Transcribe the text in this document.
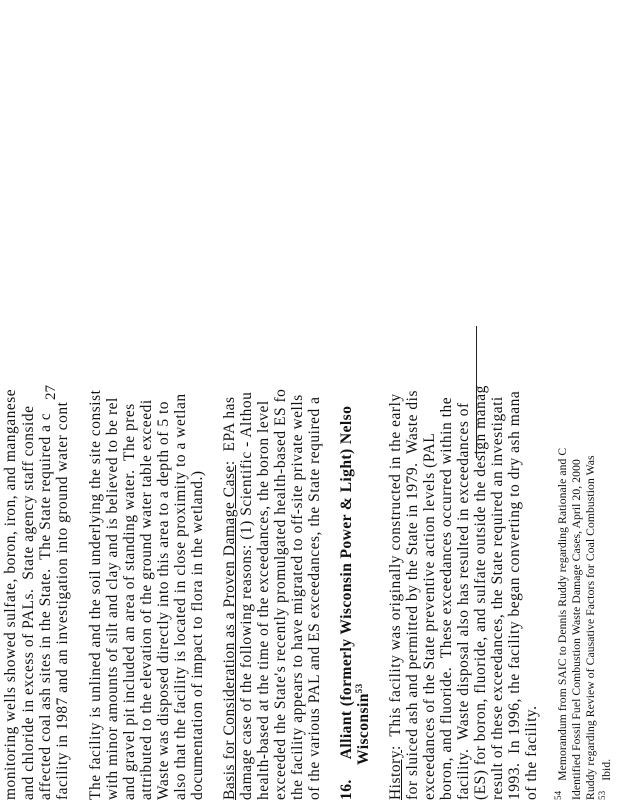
monitoring wells showed sulfate, boron, iron, and manganese and chloride in excess of PALs.  State agency staff conside affected coal ash sites in the State.  The State required a c facility in 1987 and an investigation into ground water cont The facility is unlined and the soil underlying the site consist with minor amounts of silt and clay and is believed to be rel and gravel pit included an area of standing water.  The pres attributed to the elevation of the ground water table exceedi Waste was disposed directly into this area to a depth of 5 to also that the facility is located in close proximity to a wetlan documentation of impact to flora in the wetland.) Basis for Consideration as a Proven Damage Case:  EPA has damage case of the following reasons: (1) Scientific - Althou health-based at the time of the exceedances, the boron level exceeded the State's recently promulgated health-based ES fo the facility appears to have migrated to off-site private wells of the various PAL and ES exceedances, the State required a 16.Alliant (formerly Wisconsin Power & Light) Nelso Wisconsin$^{53}$
History:  This facility was originally constructed in the early for sluiced ash and permitted by the State in 1979.  Waste dis exceedances of the State preventive action levels (PAL boron, and fluoride.  These exceedances occurred within the facility.  Waste disposal also has resulted in exceedances of (ES) for boron, fluoride, and sulfate outside the design manag result of these exceedances, the State required an investigati 1993.  In 1996, the facility began converting to dry ash mana of the facility. $^{54}$Memorandum from SAIC to Dennis Ruddy regarding Rationale and C Identified Fossil Fuel Combustion Waste Damage Cases, April 20, 2000 Ruddy regarding Review of Causative Factors for Coal Combustion Was $^{53}$Ibid.
27
